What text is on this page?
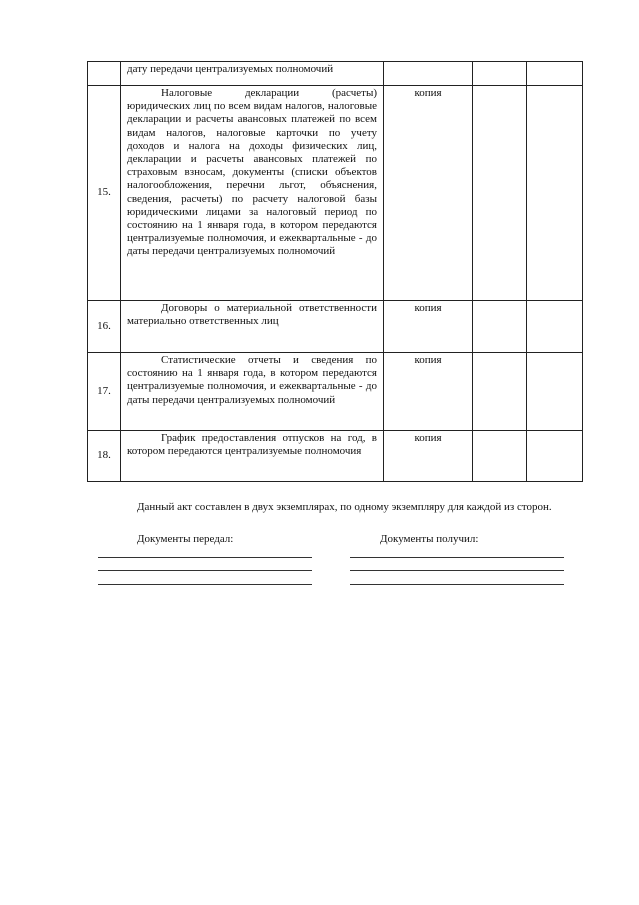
	дату передачи централизуемых полномочий			
15.	Налоговые декларации (расчеты) юридических лиц по всем видам налогов, налоговые декларации и расчеты авансовых платежей по всем видам налогов, налоговые карточки по учету доходов и налога на доходы физических лиц, декларации и расчеты авансовых платежей по страховым взносам, документы (списки объектов налогообложения, перечни льгот, объяснения, сведения, расчеты) по расчету налоговой базы юридическими лицами за налоговый период по состоянию на 1 января года, в котором передаются централизуемые полномочия, и ежеквартальные - до даты передачи централизуемых полномочий	копия		
16.	Договоры о материальной ответственности материально ответственных лиц	копия		
17.	Статистические отчеты и сведения по состоянию на 1 января года, в котором передаются централизуемые полномочия, и ежеквартальные - до даты передачи централизуемых полномочий	копия		
18.	График предоставления отпусков на год, в котором передаются централизуемые полномочия	копия		
Данный акт составлен в двух экземплярах, по одному экземпляру для каждой из сторон.
Документы передал:	Документы получил:
